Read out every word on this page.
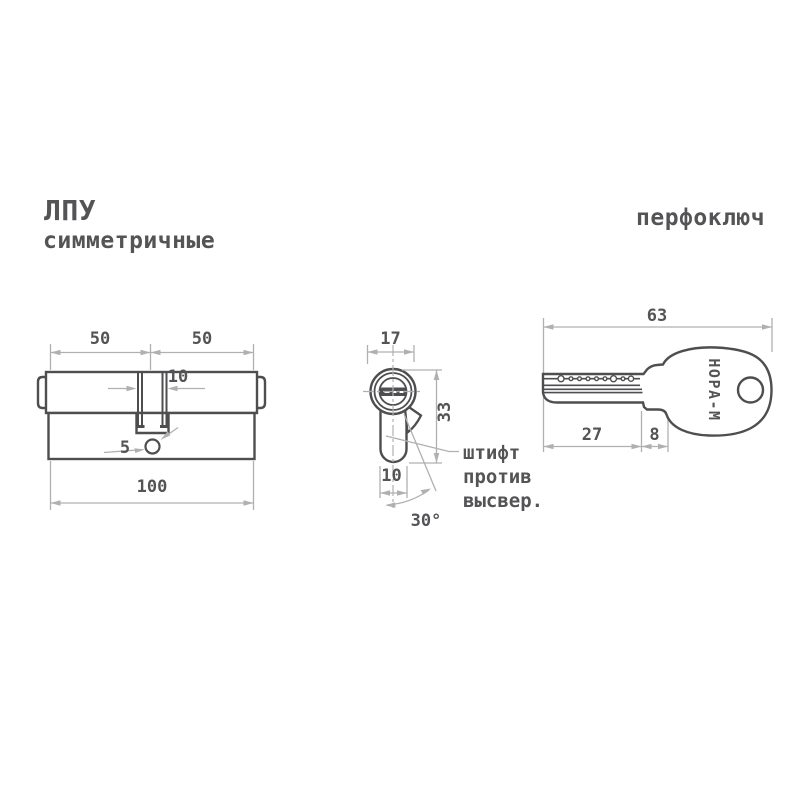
ЛПУ
симметричные
перфоключ
50	50
100
10
5
17
30°
33
10
штифт
против
высвер.
63
НОРА-М
27	8
